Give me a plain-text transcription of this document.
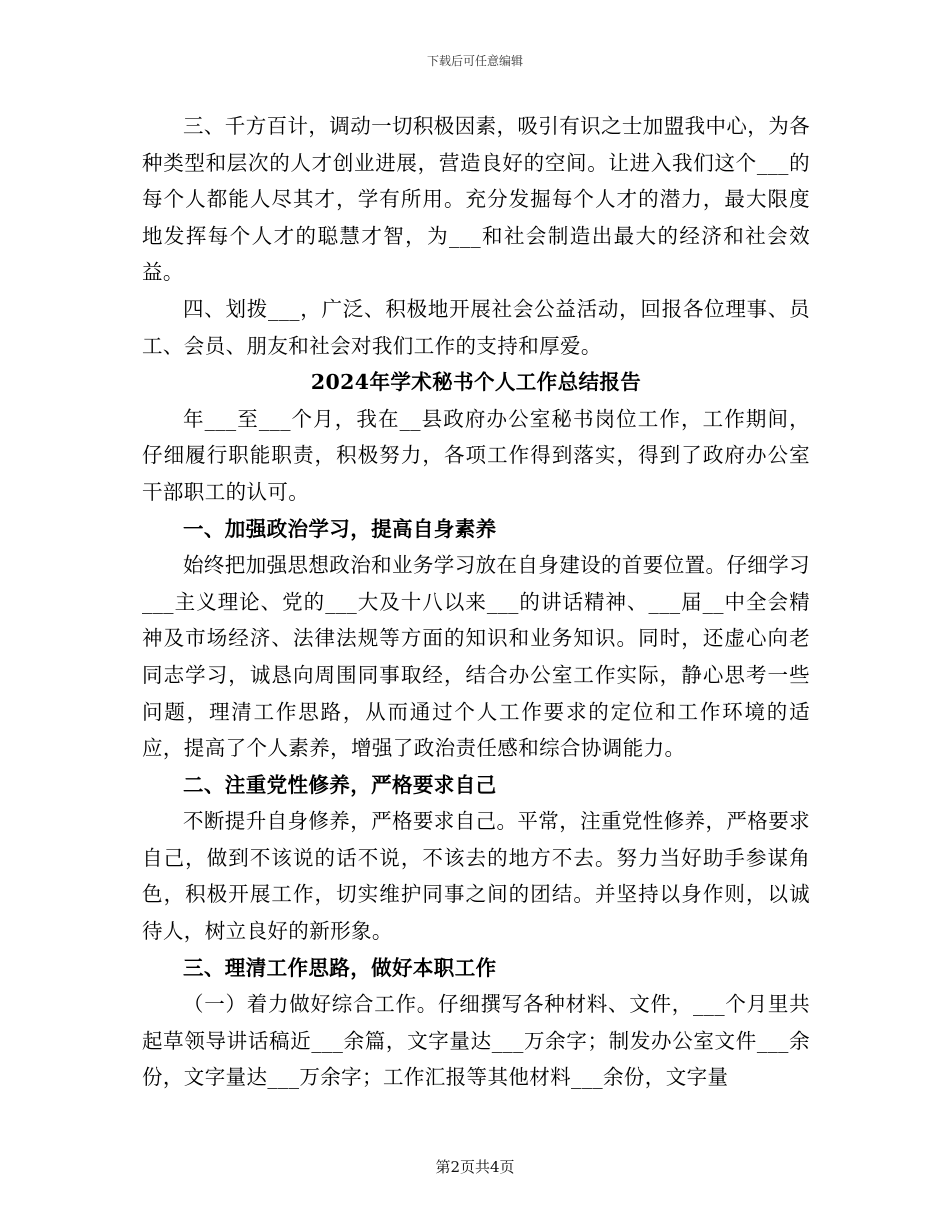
下载后可任意编辑

三、千方百计，调动一切积极因素，吸引有识之士加盟我中心，为各种类型和层次的人才创业进展，营造良好的空间。让进入我们这个___的每个人都能人尽其才，学有所用。充分发掘每个人才的潜力，最大限度地发挥每个人才的聪慧才智，为___和社会制造出最大的经济和社会效益。

四、划拨___，广泛、积极地开展社会公益活动，回报各位理事、员工、会员、朋友和社会对我们工作的支持和厚爱。

2024年学术秘书个人工作总结报告

年___至___个月，我在__县政府办公室秘书岗位工作，工作期间，仔细履行职能职责，积极努力，各项工作得到落实，得到了政府办公室干部职工的认可。

一、加强政治学习，提高自身素养

始终把加强思想政治和业务学习放在自身建设的首要位置。仔细学习___主义理论、党的___大及十八以来___的讲话精神、___届__中全会精神及市场经济、法律法规等方面的知识和业务知识。同时，还虚心向老同志学习，诚恳向周围同事取经，结合办公室工作实际，静心思考一些问题，理清工作思路，从而通过个人工作要求的定位和工作环境的适应，提高了个人素养，增强了政治责任感和综合协调能力。

二、注重党性修养，严格要求自己

不断提升自身修养，严格要求自己。平常，注重党性修养，严格要求自己，做到不该说的话不说，不该去的地方不去。努力当好助手参谋角色，积极开展工作，切实维护同事之间的团结。并坚持以身作则，以诚待人，树立良好的新形象。

三、理清工作思路，做好本职工作

（一）着力做好综合工作。仔细撰写各种材料、文件，___个月里共起草领导讲话稿近___余篇，文字量达___万余字；制发办公室文件___余份，文字量达___万余字；工作汇报等其他材料___余份，文字量

第2页共4页
